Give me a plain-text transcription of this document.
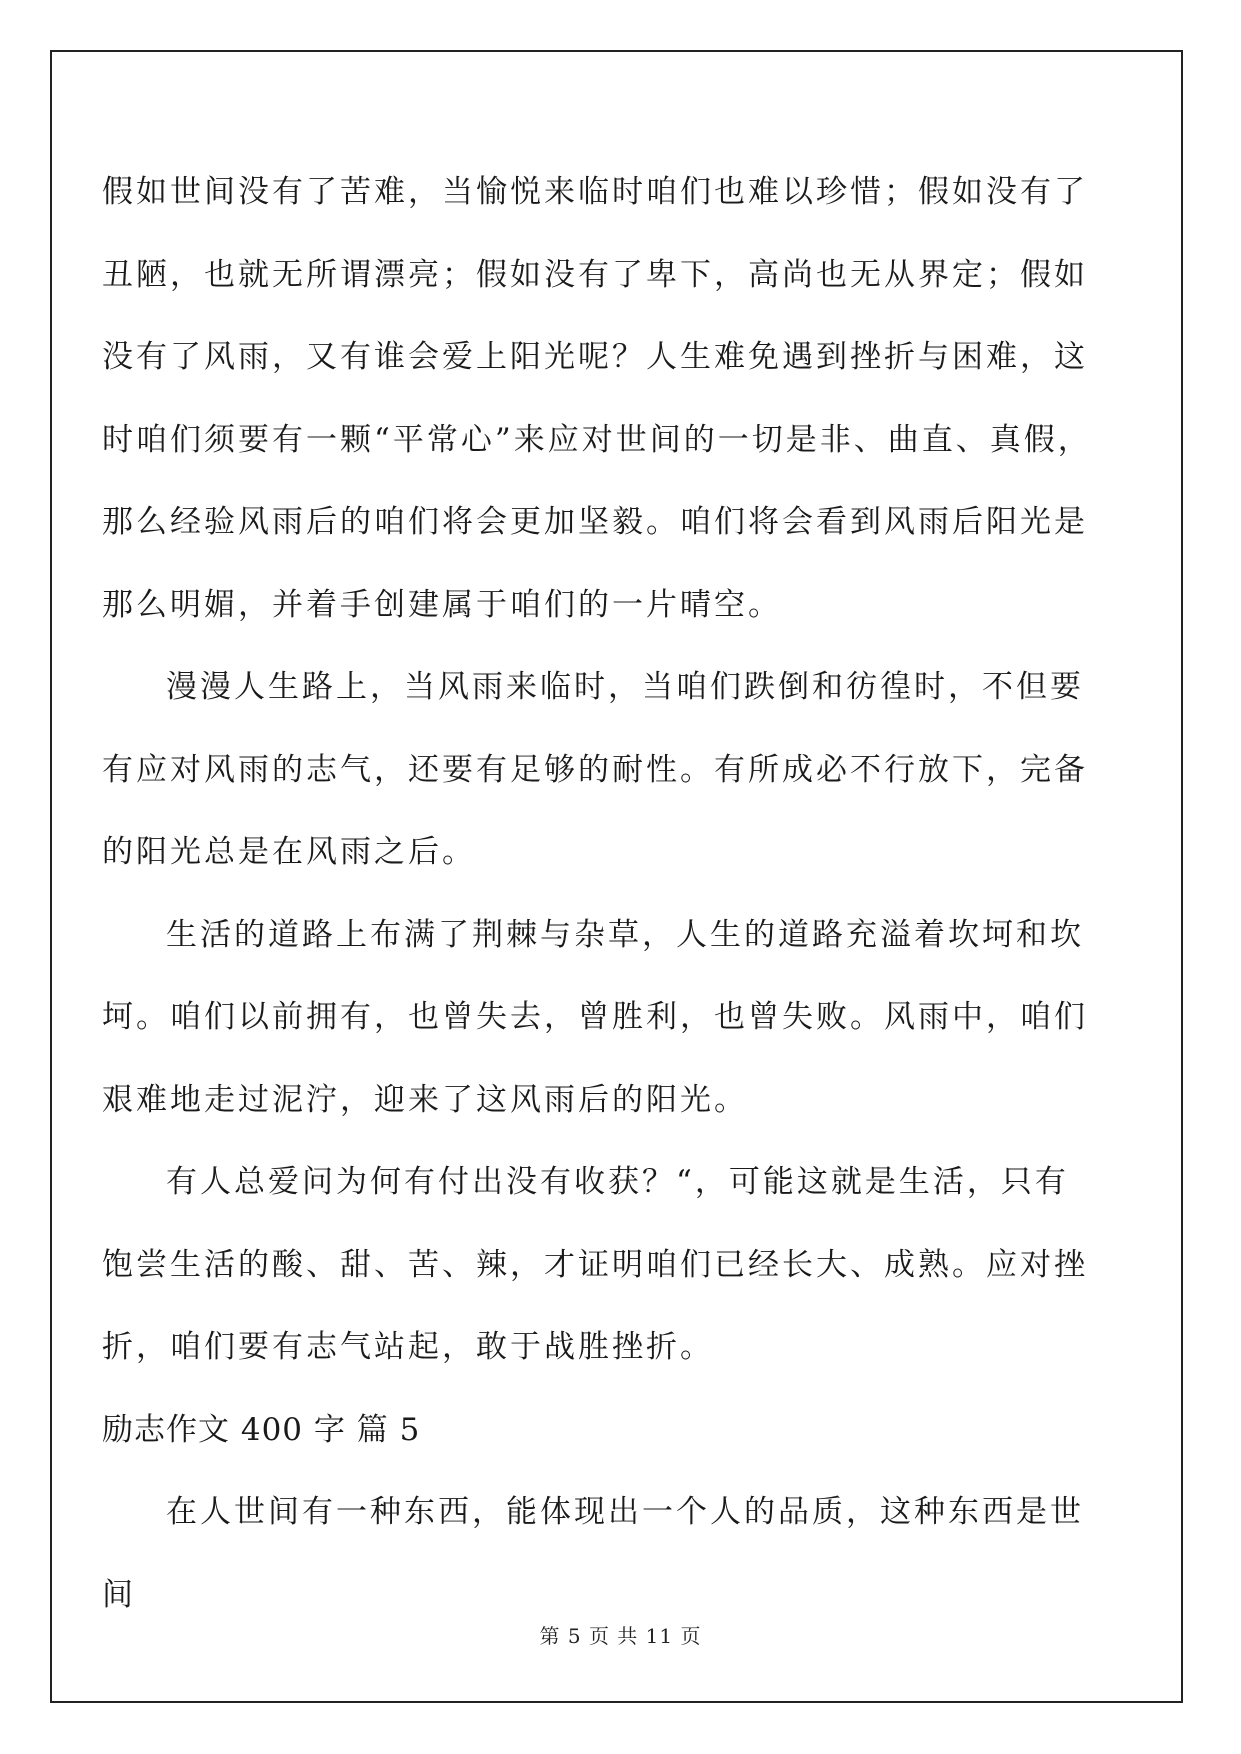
假如世间没有了苦难，当愉悦来临时咱们也难以珍惜；假如没有了丑陋，也就无所谓漂亮；假如没有了卑下，高尚也无从界定；假如没有了风雨，又有谁会爱上阳光呢？人生难免遇到挫折与困难，这时咱们须要有一颗“平常心”来应对世间的一切是非、曲直、真假，那么经验风雨后的咱们将会更加坚毅。咱们将会看到风雨后阳光是那么明媚，并着手创建属于咱们的一片晴空。

漫漫人生路上，当风雨来临时，当咱们跌倒和彷徨时，不但要有应对风雨的志气，还要有足够的耐性。有所成必不行放下，完备的阳光总是在风雨之后。

生活的道路上布满了荆棘与杂草，人生的道路充溢着坎坷和坎坷。咱们以前拥有，也曾失去，曾胜利，也曾失败。风雨中，咱们艰难地走过泥泞，迎来了这风雨后的阳光。

有人总爱问为何有付出没有收获？“，可能这就是生活，只有饱尝生活的酸、甜、苦、辣，才证明咱们已经长大、成熟。应对挫折，咱们要有志气站起，敢于战胜挫折。

励志作文 400 字 篇 5

在人世间有一种东西，能体现出一个人的品质，这种东西是世间

第 5 页 共 11 页
